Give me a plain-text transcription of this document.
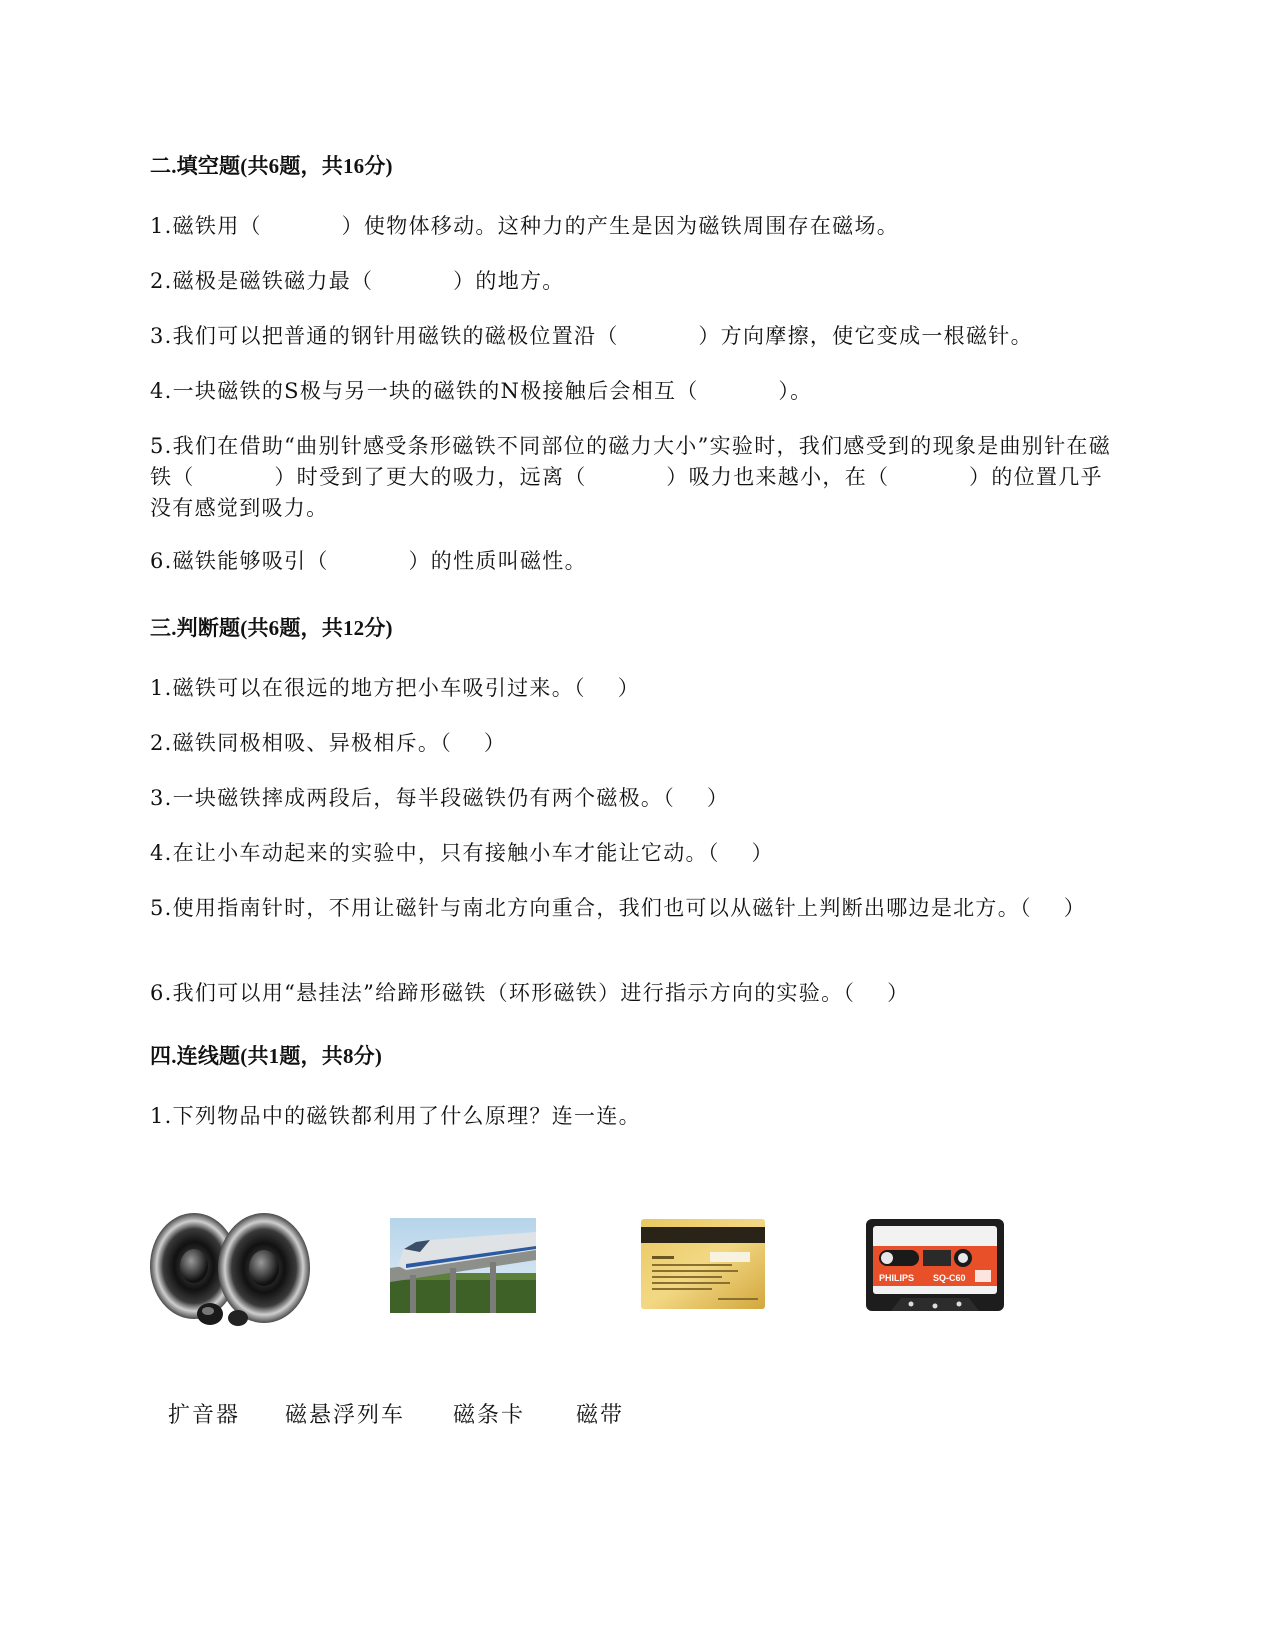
二.填空题(共6题，共16分)
1.磁铁用（          ）使物体移动。这种力的产生是因为磁铁周围存在磁场。
2.磁极是磁铁磁力最（          ）的地方。
3.我们可以把普通的钢针用磁铁的磁极位置沿（          ）方向摩擦，使它变成一根磁针。
4.一块磁铁的S极与另一块的磁铁的N极接触后会相互（          ）。
5.我们在借助“曲别针感受条形磁铁不同部位的磁力大小”实验时，我们感受到的现象是曲别针在磁铁（          ）时受到了更大的吸力，远离（          ）吸力也来越小，在（          ）的位置几乎没有感觉到吸力。
6.磁铁能够吸引（          ）的性质叫磁性。
三.判断题(共6题，共12分)
1.磁铁可以在很远的地方把小车吸引过来。（    ）
2.磁铁同极相吸、异极相斥。（    ）
3.一块磁铁摔成两段后，每半段磁铁仍有两个磁极。（    ）
4.在让小车动起来的实验中，只有接触小车才能让它动。（    ）
5.使用指南针时，不用让磁针与南北方向重合，我们也可以从磁针上判断出哪边是北方。（    ）
6.我们可以用“悬挂法”给蹄形磁铁（环形磁铁）进行指示方向的实验。（    ）
四.连线题(共1题，共8分)
1.下列物品中的磁铁都利用了什么原理？连一连。
PHILIPS SQ-C60
扩音器 磁悬浮列车 磁条卡 磁带
